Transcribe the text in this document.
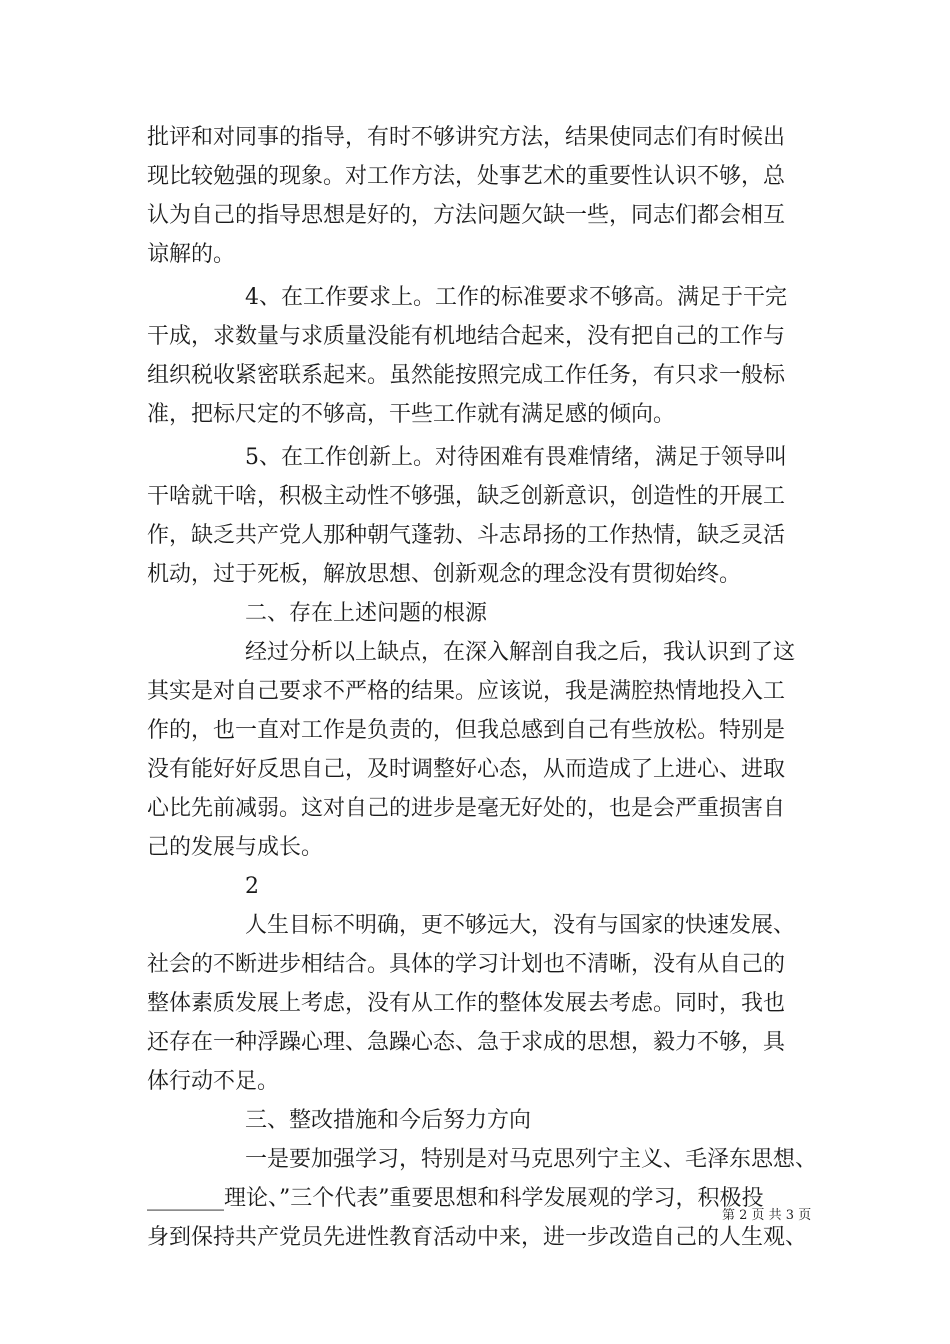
批评和对同事的指导，有时不够讲究方法，结果使同志们有时候出
现比较勉强的现象。对工作方法，处事艺术的重要性认识不够，总
认为自己的指导思想是好的，方法问题欠缺一些，同志们都会相互
谅解的。
4、在工作要求上。工作的标准要求不够高。满足于干完
干成，求数量与求质量没能有机地结合起来，没有把自己的工作与
组织税收紧密联系起来。虽然能按照完成工作任务，有只求一般标
准，把标尺定的不够高，干些工作就有满足感的倾向。
5、在工作创新上。对待困难有畏难情绪，满足于领导叫
干啥就干啥，积极主动性不够强，缺乏创新意识，创造性的开展工
作，缺乏共产党人那种朝气蓬勃、斗志昂扬的工作热情，缺乏灵活
机动，过于死板，解放思想、创新观念的理念没有贯彻始终。
二、存在上述问题的根源
经过分析以上缺点，在深入解剖自我之后，我认识到了这
其实是对自己要求不严格的结果。应该说，我是满腔热情地投入工
作的，也一直对工作是负责的，但我总感到自己有些放松。特别是
没有能好好反思自己，及时调整好心态，从而造成了上进心、进取
心比先前减弱。这对自己的进步是毫无好处的，也是会严重损害自
己的发展与成长。
2
人生目标不明确，更不够远大，没有与国家的快速发展、
社会的不断进步相结合。具体的学习计划也不清晰，没有从自己的
整体素质发展上考虑，没有从工作的整体发展去考虑。同时，我也
还存在一种浮躁心理、急躁心态、急于求成的思想，毅力不够，具
体行动不足。
三、整改措施和今后努力方向
一是要加强学习，特别是对马克思列宁主义、毛泽东思想、
_______理论、”三个代表”重要思想和科学发展观的学习，积极投
身到保持共产党员先进性教育活动中来，进一步改造自己的人生观、
第 2 页 共 3 页
